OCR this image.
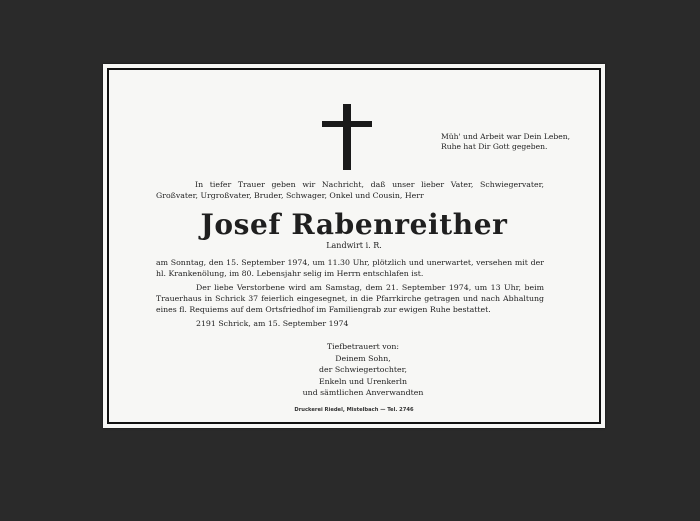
Müh' und Arbeit war Dein Leben,
Ruhe hat Dir Gott gegeben.
In tiefer Trauer geben wir Nachricht, daß unser lieber Vater, Schwiegervater, Großvater, Urgroßvater, Bruder, Schwager, Onkel und Cousin, Herr
Josef Rabenreither
Landwirt i. R.
am Sonntag, den 15. September 1974, um 11.30 Uhr, plötzlich und unerwartet, versehen mit der hl. Krankenölung, im 80. Lebensjahr selig im Herrn entschlafen ist.
Der liebe Verstorbene wird am Samstag, dem 21. September 1974, um 13 Uhr, beim Trauerhaus in Schrick 37 feierlich eingesegnet, in die Pfarrkirche getragen und nach Abhaltung eines fl. Requiems auf dem Ortsfriedhof im Familiengrab zur ewigen Ruhe bestattet.
2191 Schrick, am 15. September 1974
Tiefbetrauert von:
Deinem Sohn,
der Schwiegertochter,
Enkeln und Urenkerln
und sämtlichen Anverwandten
Druckerei Riedel, Mistelbach — Tel. 2746
